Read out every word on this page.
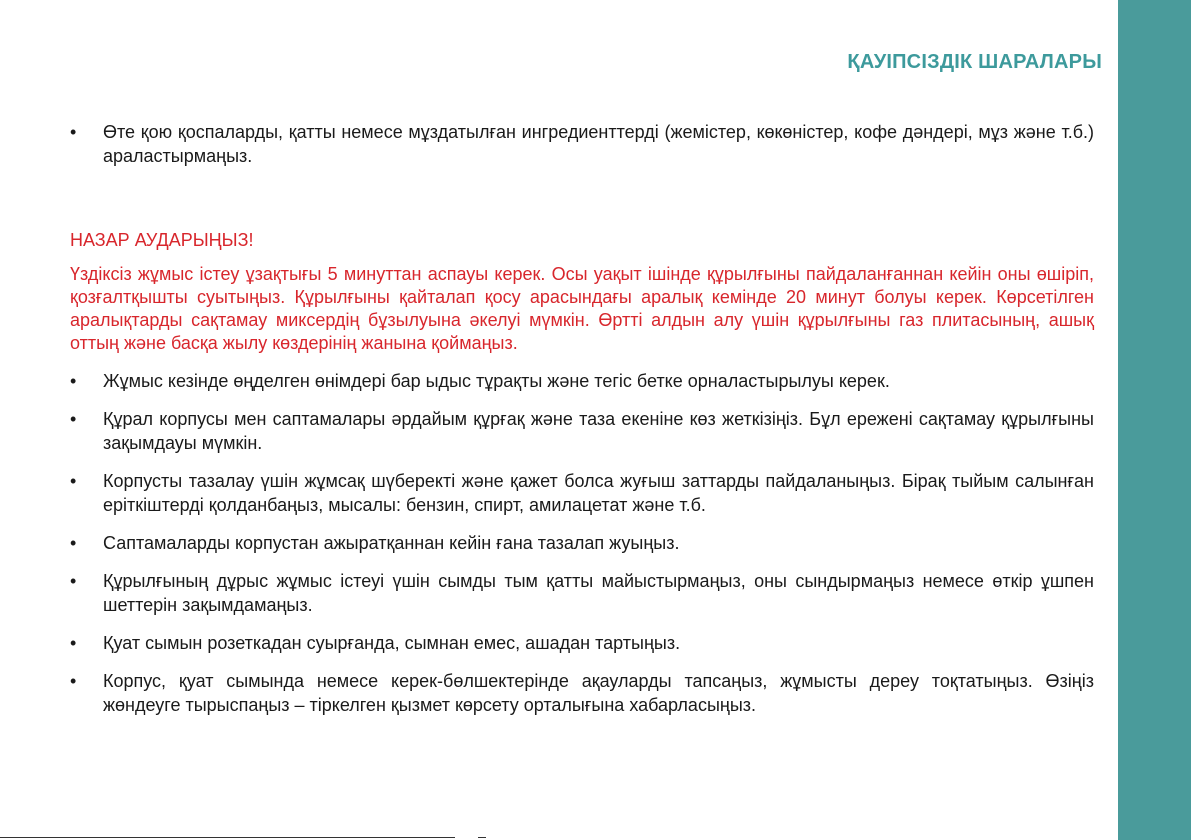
ҚАУІПСІЗДІК ШАРАЛАРЫ
• Өте қою қоспаларды, қатты немесе мұздатылған ингредиенттерді (жемістер, көкөністер, кофе дәндері, мұз және т.б.) араластырмаңыз.
НАЗАР АУДАРЫҢЫЗ!
Үздіксіз жұмыс істеу ұзақтығы 5 минуттан аспауы керек. Осы уақыт ішінде құрылғыны пайдаланғаннан кейін оны өшіріп, қозғалтқышты суытыңыз. Құрылғыны қайталап қосу арасындағы аралық кемінде 20 минут болуы керек. Көрсетілген аралықтарды сақтамау миксердің бұзылуына әкелуі мүмкін. Өртті алдын алу үшін құрылғыны газ плитасының, ашық оттың және басқа жылу көздерінің жанына қоймаңыз.
• Жұмыс кезінде өңделген өнімдері бар ыдыс тұрақты және тегіс бетке орналастырылуы керек.
• Құрал корпусы мен саптамалары әрдайым құрғақ және таза екеніне көз жеткізіңіз. Бұл ережені сақтамау құрылғыны зақымдауы мүмкін.
• Корпусты тазалау үшін жұмсақ шүберекті және қажет болса жуғыш заттарды пайдаланыңыз. Бірақ тыйым салынған еріткіштерді қолданбаңыз, мысалы: бензин, спирт, амилацетат және т.б.
• Саптамаларды корпустан ажыратқаннан кейін ғана тазалап жуыңыз.
• Құрылғының дұрыс жұмыс істеуі үшін сымды тым қатты майыстырмаңыз, оны сындырмаңыз немесе өткір ұшпен шеттерін зақымдамаңыз.
• Қуат сымын розеткадан суырғанда, сымнан емес, ашадан тартыңыз.
• Корпус, қуат сымында немесе керек-бөлшектерінде ақауларды тапсаңыз, жұмысты дереу тоқтатыңыз. Өзіңіз жөндеуге тырыспаңыз – тіркелген қызмет көрсету орталығына хабарласыңыз.
